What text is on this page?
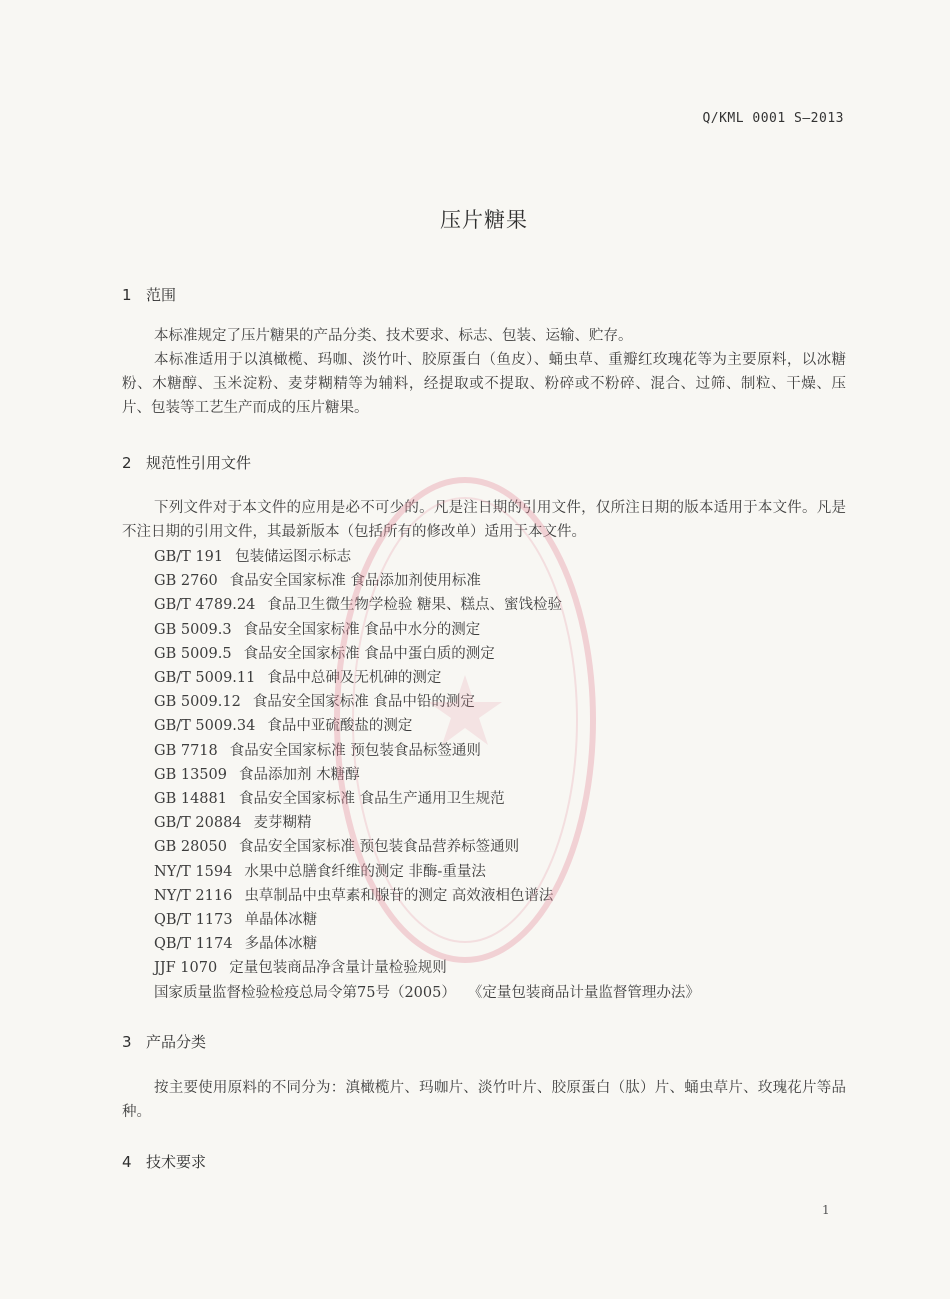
Q/KML 0001 S—2013
压片糖果
1 范围
本标准规定了压片糖果的产品分类、技术要求、标志、包装、运输、贮存。
本标准适用于以滇橄榄、玛咖、淡竹叶、胶原蛋白（鱼皮）、蛹虫草、重瓣红玫瑰花等为主要原料，以冰糖粉、木糖醇、玉米淀粉、麦芽糊精等为辅料，经提取或不提取、粉碎或不粉碎、混合、过筛、制粒、干燥、压片、包装等工艺生产而成的压片糖果。
2 规范性引用文件
下列文件对于本文件的应用是必不可少的。凡是注日期的引用文件，仅所注日期的版本适用于本文件。凡是不注日期的引用文件，其最新版本（包括所有的修改单）适用于本文件。
GB/T 191 包装储运图示标志
GB 2760 食品安全国家标准 食品添加剂使用标准
GB/T 4789.24 食品卫生微生物学检验 糖果、糕点、蜜饯检验
GB 5009.3 食品安全国家标准 食品中水分的测定
GB 5009.5 食品安全国家标准 食品中蛋白质的测定
GB/T 5009.11 食品中总砷及无机砷的测定
GB 5009.12 食品安全国家标准 食品中铅的测定
GB/T 5009.34 食品中亚硫酸盐的测定
GB 7718 食品安全国家标准 预包装食品标签通则
GB 13509 食品添加剂 木糖醇
GB 14881 食品安全国家标准 食品生产通用卫生规范
GB/T 20884 麦芽糊精
GB 28050 食品安全国家标准 预包装食品营养标签通则
NY/T 1594 水果中总膳食纤维的测定 非酶-重量法
NY/T 2116 虫草制品中虫草素和腺苷的测定 高效液相色谱法
QB/T 1173 单晶体冰糖
QB/T 1174 多晶体冰糖
JJF 1070 定量包装商品净含量计量检验规则
国家质量监督检验检疫总局令第75号（2005） 《定量包装商品计量监督管理办法》
3 产品分类
按主要使用原料的不同分为：滇橄榄片、玛咖片、淡竹叶片、胶原蛋白（肽）片、蛹虫草片、玫瑰花片等品种。
4 技术要求
1
